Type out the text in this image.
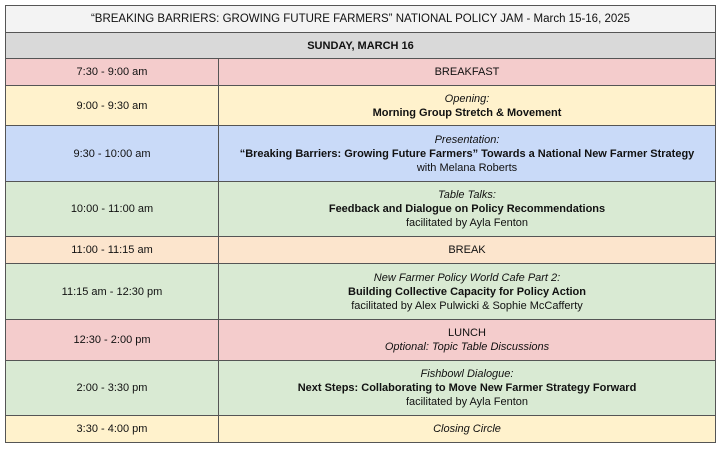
“BREAKING BARRIERS: GROWING FUTURE FARMERS” NATIONAL POLICY JAM - March 15-16, 2025	
SUNDAY, MARCH 16	
7:30 - 9:00 am	BREAKFAST

9:00 - 9:30 am	Opening:
Morning Group Stretch & Movement

9:30 - 10:00 am	Presentation:
“Breaking Barriers: Growing Future Farmers” Towards a National New Farmer Strategy
with Melana Roberts

10:00 - 11:00 am	Table Talks:
Feedback and Dialogue on Policy Recommendations
facilitated by Ayla Fenton

11:00 - 11:15 am	BREAK

11:15 am - 12:30 pm	New Farmer Policy World Cafe Part 2:
Building Collective Capacity for Policy Action
facilitated by Alex Pulwicki & Sophie McCafferty

12:30 - 2:00 pm	LUNCH
Optional: Topic Table Discussions

2:00 - 3:30 pm	Fishbowl Dialogue:
Next Steps: Collaborating to Move New Farmer Strategy Forward
facilitated by Ayla Fenton

3:30 - 4:00 pm	Closing Circle
